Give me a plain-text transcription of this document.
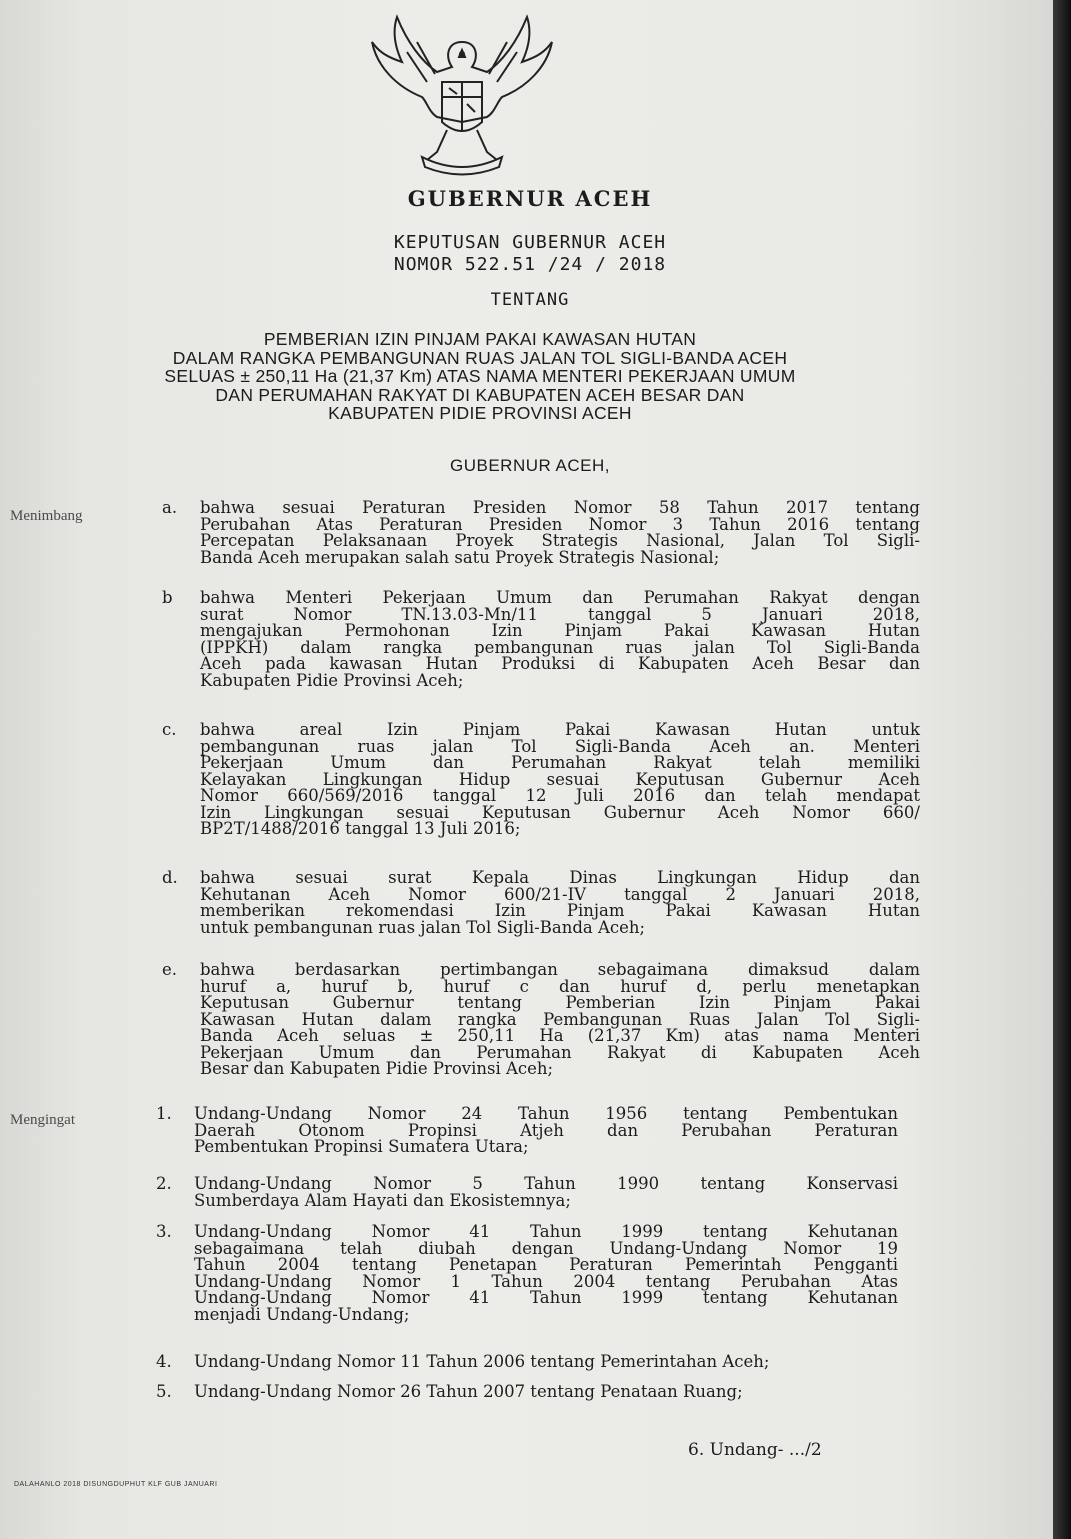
GUBERNUR ACEH
KEPUTUSAN GUBERNUR ACEH
NOMOR 522.51 /24 / 2018
TENTANG
PEMBERIAN IZIN PINJAM PAKAI KAWASAN HUTAN
DALAM RANGKA PEMBANGUNAN RUAS JALAN TOL SIGLI-BANDA ACEH
SELUAS ± 250,11 Ha (21,37 Km) ATAS NAMA MENTERI PEKERJAAN UMUM
DAN PERUMAHAN RAKYAT DI KABUPATEN ACEH BESAR DAN
KABUPATEN PIDIE PROVINSI ACEH
GUBERNUR ACEH,
Menimbang	a.	bahwa sesuai Peraturan Presiden Nomor 58 Tahun 2017 tentang
Perubahan Atas Peraturan Presiden Nomor 3 Tahun 2016 tentang
Percepatan Pelaksanaan Proyek Strategis Nasional, Jalan Tol Sigli-
Banda Aceh merupakan salah satu Proyek Strategis Nasional;
b	bahwa Menteri Pekerjaan Umum dan Perumahan Rakyat dengan
surat Nomor TN.13.03-Mn/11 tanggal 5 Januari 2018,
mengajukan Permohonan Izin Pinjam Pakai Kawasan Hutan
(IPPKH) dalam rangka pembangunan ruas jalan Tol Sigli-Banda
Aceh pada kawasan Hutan Produksi di Kabupaten Aceh Besar dan
Kabupaten Pidie Provinsi Aceh;
c.	bahwa areal Izin Pinjam Pakai Kawasan Hutan untuk
pembangunan ruas jalan Tol Sigli-Banda Aceh an. Menteri
Pekerjaan Umum dan Perumahan Rakyat telah memiliki
Kelayakan Lingkungan Hidup sesuai Keputusan Gubernur Aceh
Nomor 660/569/2016 tanggal 12 Juli 2016 dan telah mendapat
Izin Lingkungan sesuai Keputusan Gubernur Aceh Nomor 660/
BP2T/1488/2016 tanggal 13 Juli 2016;
d.	bahwa sesuai surat Kepala Dinas Lingkungan Hidup dan
Kehutanan Aceh Nomor 600/21-IV tanggal 2 Januari 2018,
memberikan rekomendasi Izin Pinjam Pakai Kawasan Hutan
untuk pembangunan ruas jalan Tol Sigli-Banda Aceh;
e.	bahwa berdasarkan pertimbangan sebagaimana dimaksud dalam
huruf a, huruf b, huruf c dan huruf d, perlu menetapkan
Keputusan Gubernur tentang Pemberian Izin Pinjam Pakai
Kawasan Hutan dalam rangka Pembangunan Ruas Jalan Tol Sigli-
Banda Aceh seluas ± 250,11 Ha (21,37 Km) atas nama Menteri
Pekerjaan Umum dan Perumahan Rakyat di Kabupaten Aceh
Besar dan Kabupaten Pidie Provinsi Aceh;
Mengingat	1.	Undang-Undang Nomor 24 Tahun 1956 tentang Pembentukan
Daerah Otonom Propinsi Atjeh dan Perubahan Peraturan
Pembentukan Propinsi Sumatera Utara;
2.	Undang-Undang Nomor 5 Tahun 1990 tentang Konservasi
Sumberdaya Alam Hayati dan Ekosistemnya;
3.	Undang-Undang Nomor 41 Tahun 1999 tentang Kehutanan
sebagaimana telah diubah dengan Undang-Undang Nomor 19
Tahun 2004 tentang Penetapan Peraturan Pemerintah Pengganti
Undang-Undang Nomor 1 Tahun 2004 tentang Perubahan Atas
Undang-Undang Nomor 41 Tahun 1999 tentang Kehutanan
menjadi Undang-Undang;
4.	Undang-Undang Nomor 11 Tahun 2006 tentang Pemerintahan Aceh;
5.	Undang-Undang Nomor 26 Tahun 2007 tentang Penataan Ruang;
6. Undang- .../2
DALAHANLO 2018 DISUNGDUPHUT KLF GUB JANUARI
